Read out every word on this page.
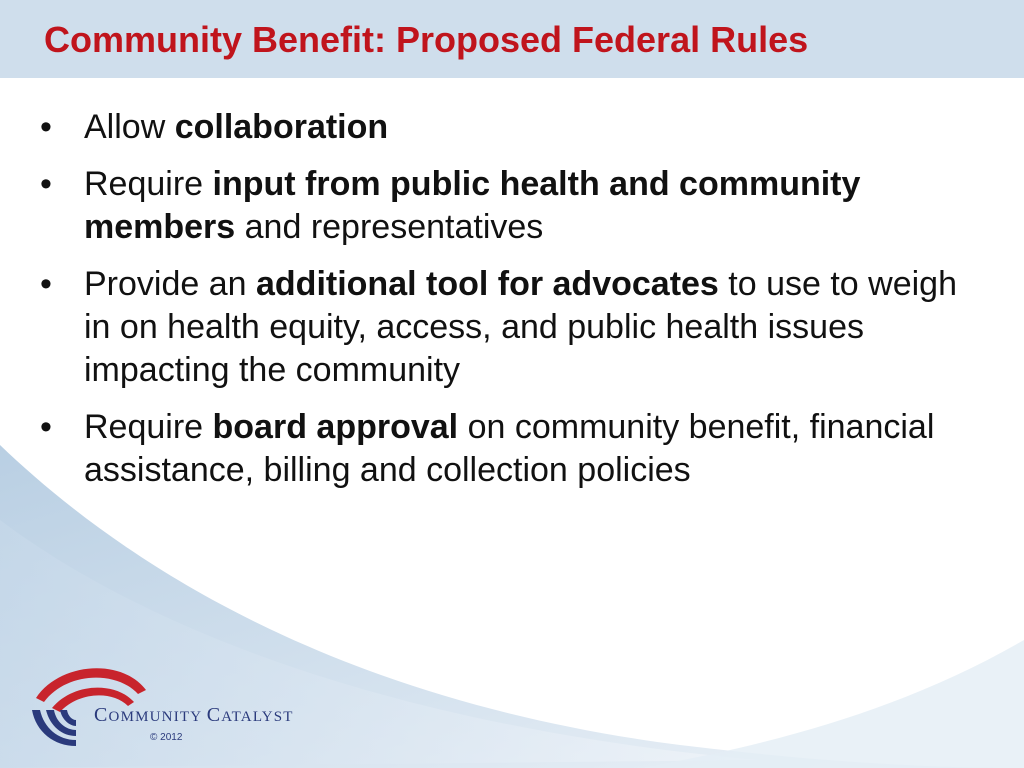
Community Benefit: Proposed Federal Rules
• Allow collaboration
• Require input from public health and community members and representatives
• Provide an additional tool for advocates to use to weigh in on health equity, access, and public health issues impacting the community
• Require board approval on community benefit, financial assistance, billing and collection policies
COMMUNITY CATALYST
© 2012
